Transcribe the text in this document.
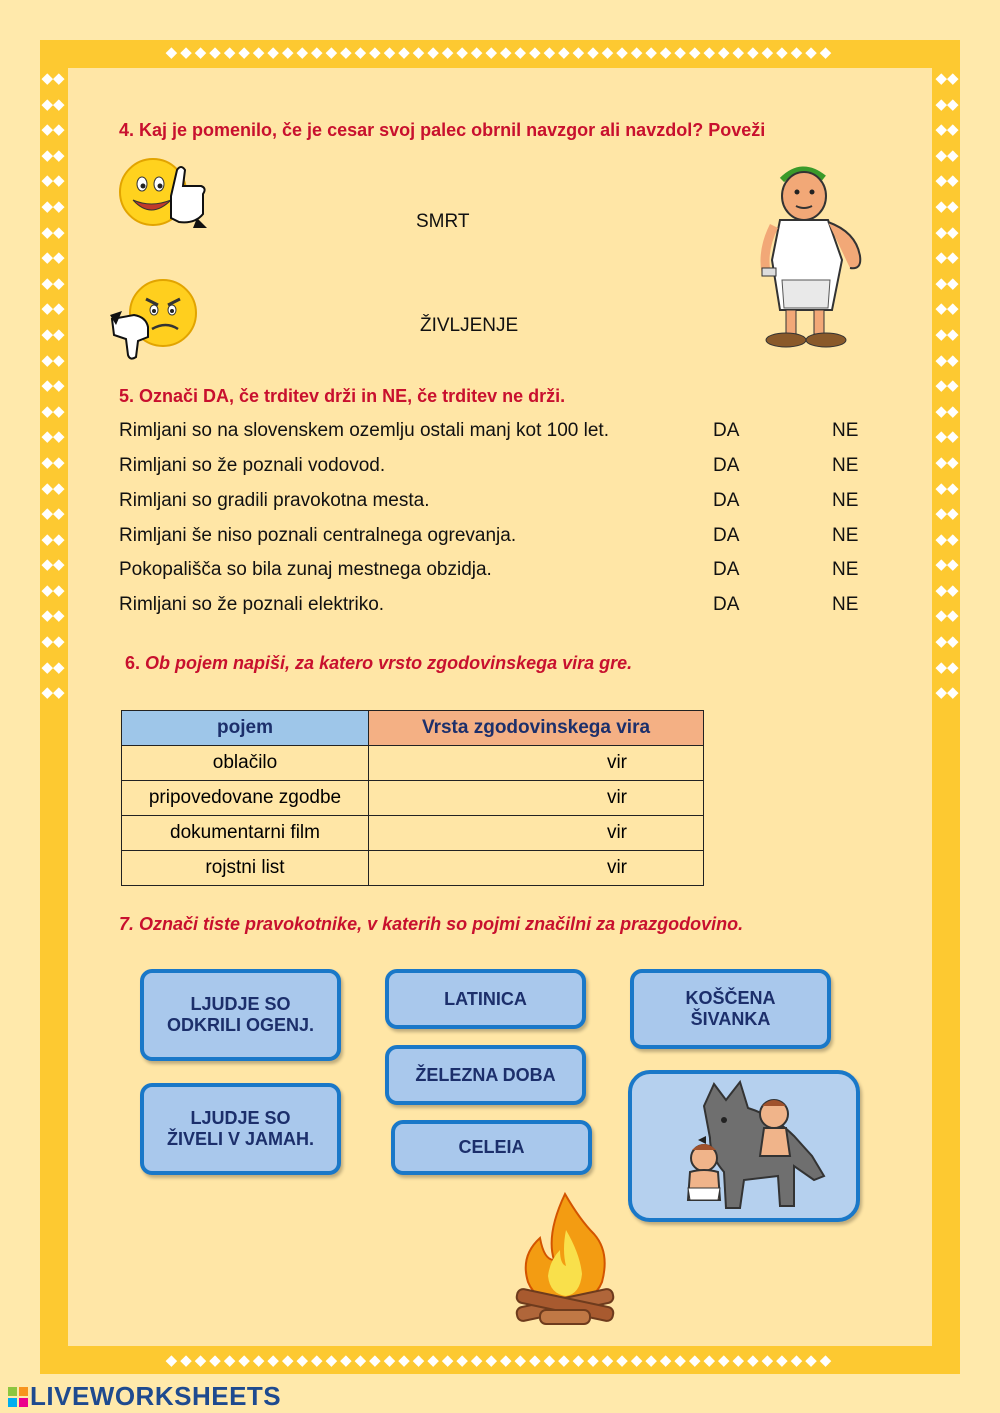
◆◆◆◆◆◆◆◆◆◆◆◆◆◆◆◆◆◆◆◆◆◆◆◆◆◆◆◆◆◆◆◆◆◆◆◆◆◆◆◆◆◆◆◆◆◆
◆◆◆◆◆◆◆◆◆◆◆◆◆◆◆◆◆◆◆◆◆◆◆◆◆◆◆◆◆◆◆◆◆◆◆◆◆◆◆◆◆◆◆◆◆◆
◆◆◆◆◆◆◆◆◆◆◆◆◆◆◆◆◆◆◆◆◆◆◆◆◆◆◆◆◆◆◆◆◆◆◆◆◆◆◆◆◆◆◆◆◆◆◆◆◆◆
◆◆◆◆◆◆◆◆◆◆◆◆◆◆◆◆◆◆◆◆◆◆◆◆◆◆◆◆◆◆◆◆◆◆◆◆◆◆◆◆◆◆◆◆◆◆◆◆◆◆
4. Kaj je pomenilo, če je cesar svoj palec obrnil navzgor ali navzdol? Poveži
SMRT
ŽIVLJENJE
5. Označi DA, če trditev drži in NE, če trditev ne drži.
Rimljani so na slovenskem ozemlju ostali manj kot 100 let.	DA	NE
Rimljani so že poznali vodovod.	DA	NE
Rimljani so gradili pravokotna mesta.	DA	NE
Rimljani še niso poznali centralnega ogrevanja.	DA	NE
Pokopališča so bila zunaj mestnega obzidja.	DA	NE
Rimljani so že poznali elektriko.	DA	NE
6. Ob pojem napiši, za katero vrsto zgodovinskega vira gre.
pojem	Vrsta zgodovinskega vira
oblačilo	vir
pripovedovane zgodbe	vir
dokumentarni film	vir
rojstni list	vir
7. Označi tiste pravokotnike, v katerih so pojmi značilni za prazgodovino.
LJUDJE SO
ODKRILI OGENJ.
LJUDJE SO
ŽIVELI V JAMAH.
LATINICA
ŽELEZNA DOBA
CELEIA
KOŠČENA
ŠIVANKA
LIVEWORKSHEETS
